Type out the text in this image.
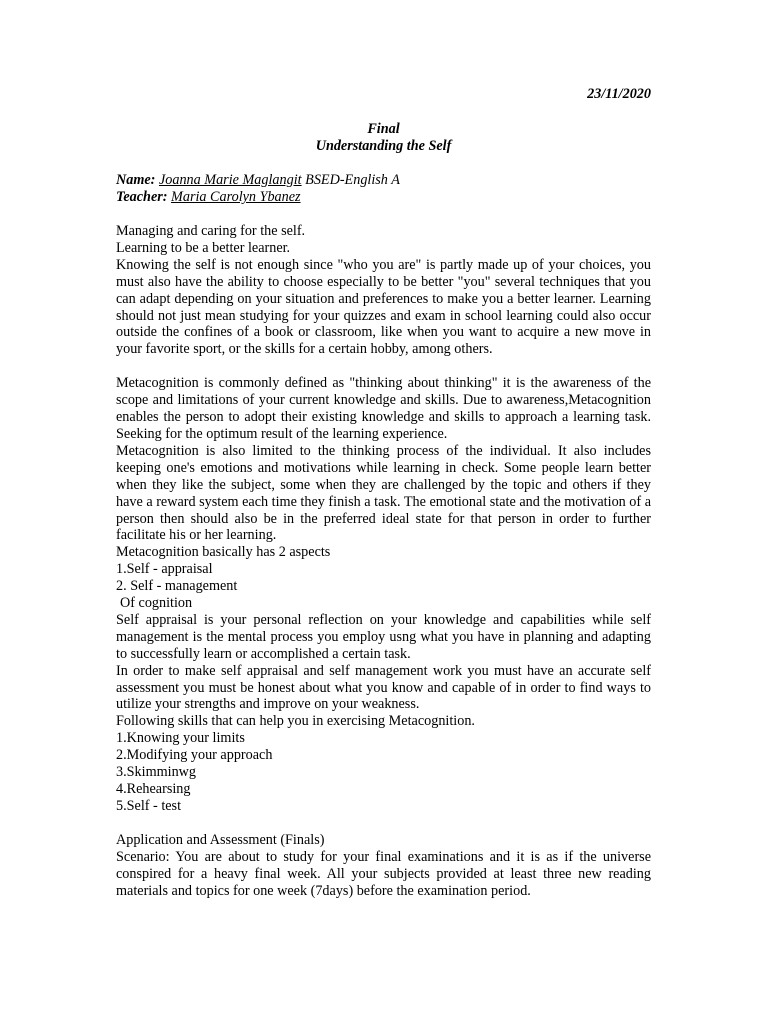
23/11/2020
Final
Understanding the Self
Name: Joanna Marie Maglangit BSED-English A
Teacher: Maria Carolyn Ybanez

Managing and caring for the self.

Learning to be a better learner.

Knowing the self is not enough since "who you are" is partly made up of your choices, you must also have the ability to choose especially to be better "you" several techniques that you can adapt depending on your situation and preferences to make you a better learner. Learning should not just mean studying for your quizzes and exam in school learning could also occur outside the confines of a book or classroom, like when you want to acquire a new move in your favorite sport, or the skills for a certain hobby, among others.

Metacognition is commonly defined as "thinking about thinking" it is the awareness of the scope and limitations of your current knowledge and skills. Due to awareness,Metacognition enables the person to adopt their existing knowledge and skills to approach a learning task. Seeking for the optimum result of the learning experience.

Metacognition is also limited to the thinking process of the individual. It also includes keeping one's emotions and motivations while learning in check. Some people learn better when they like the subject, some when they are challenged by the topic and others if they have a reward system each time they finish a task. The emotional state and the motivation of a person then should also be in the preferred ideal state for that person in order to further facilitate his or her learning.

Metacognition basically has 2 aspects

1.Self - appraisal
2. Self - management
Of cognition

Self appraisal is your personal reflection on your knowledge and capabilities while self management is the mental process you employ usng what you have in planning and adapting to successfully learn or accomplished a certain task.

In order to make self appraisal and self management work you must have an accurate self assessment you must be honest about what you know and capable of in order to find ways to utilize your strengths and improve on your weakness.

Following skills that can help you in exercising Metacognition.

1.Knowing your limits
2.Modifying your approach
3.Skimminwg
4.Rehearsing
5.Self - test

Application and Assessment (Finals)

Scenario: You are about to study for your final examinations and it is as if the universe conspired for a heavy final week. All your subjects provided at least three new reading materials and topics for one week (7days) before the examination period.
